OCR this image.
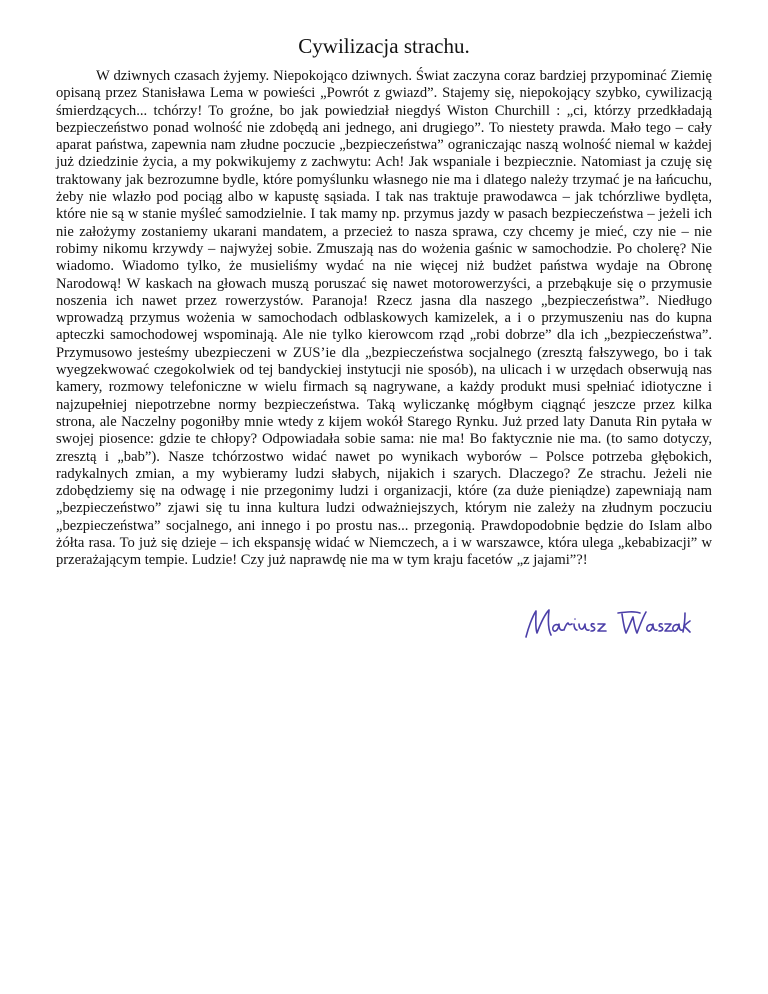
Cywilizacja strachu.

W dziwnych czasach żyjemy. Niepokojąco dziwnych. Świat zaczyna coraz bardziej przypominać Ziemię opisaną przez Stanisława Lema w powieści „Powrót z gwiazd”. Stajemy się, niepokojący szybko, cywilizacją śmierdzących... tchórzy! To groźne, bo jak powiedział niegdyś Wiston Churchill : „ci, którzy przedkładają bezpieczeństwo ponad wolność nie zdobędą ani jednego, ani drugiego”. To niestety prawda. Mało tego – cały aparat państwa, zapewnia nam złudne poczucie „bezpieczeństwa” ograniczając naszą wolność niemal w każdej już dziedzinie życia, a my pokwikujemy z zachwytu: Ach! Jak wspaniale i bezpiecznie. Natomiast ja czuję się traktowany jak bezrozumne bydle, które pomyślunku własnego nie ma i dlatego należy trzymać je na łańcuchu, żeby nie wlazło pod pociąg albo w kapustę sąsiada. I tak nas traktuje prawodawca – jak tchórzliwe bydlęta, które nie są w stanie myśleć samodzielnie. I tak mamy np. przymus jazdy w pasach bezpieczeństwa – jeżeli ich nie założymy zostaniemy ukarani mandatem, a przecież to nasza sprawa, czy chcemy je mieć, czy nie – nie robimy nikomu krzywdy – najwyżej sobie. Zmuszają nas do wożenia gaśnic w samochodzie. Po cholerę? Nie wiadomo. Wiadomo tylko, że musieliśmy wydać na nie więcej niż budżet państwa wydaje na Obronę Narodową! W kaskach na głowach muszą poruszać się nawet motorowerzyści, a przebąkuje się o przymusie noszenia ich nawet przez rowerzystów. Paranoja! Rzecz jasna dla naszego „bezpieczeństwa”. Niedługo wprowadzą przymus wożenia w samochodach odblaskowych kamizelek, a i o przymuszeniu nas do kupna apteczki samochodowej wspominają. Ale nie tylko kierowcom rząd „robi dobrze” dla ich „bezpieczeństwa”. Przymusowo jesteśmy ubezpieczeni w ZUS’ie dla „bezpieczeństwa socjalnego (zresztą fałszywego, bo i tak wyegzekwować czegokolwiek od tej bandyckiej instytucji nie sposób), na ulicach i w urzędach obserwują nas kamery, rozmowy telefoniczne w wielu firmach są nagrywane, a każdy produkt musi spełniać idiotyczne i najzupełniej niepotrzebne normy bezpieczeństwa. Taką wyliczankę mógłbym ciągnąć jeszcze przez kilka strona, ale Naczelny pogoniłby mnie wtedy z kijem wokół Starego Rynku. Już przed laty Danuta Rin pytała w swojej piosence: gdzie te chłopy? Odpowiadała sobie sama: nie ma! Bo faktycznie nie ma. (to samo dotyczy, zresztą i „bab”). Nasze tchórzostwo widać nawet po wynikach wyborów – Polsce potrzeba głębokich, radykalnych zmian, a my wybieramy ludzi słabych, nijakich i szarych. Dlaczego? Ze strachu. Jeżeli nie zdobędziemy się na odwagę i nie przegonimy ludzi i organizacji, które (za duże pieniądze) zapewniają nam „bezpieczeństwo” zjawi się tu inna kultura ludzi odważniejszych, którym nie zależy na złudnym poczuciu „bezpieczeństwa” socjalnego, ani innego i po prostu nas... przegonią. Prawdopodobnie będzie do Islam albo żółta rasa. To już się dzieje – ich ekspansję widać w Niemczech, a i w warszawce, która ulega „kebabizacji” w przerażającym tempie. Ludzie! Czy już naprawdę nie ma w tym kraju facetów „z jajami”?!
